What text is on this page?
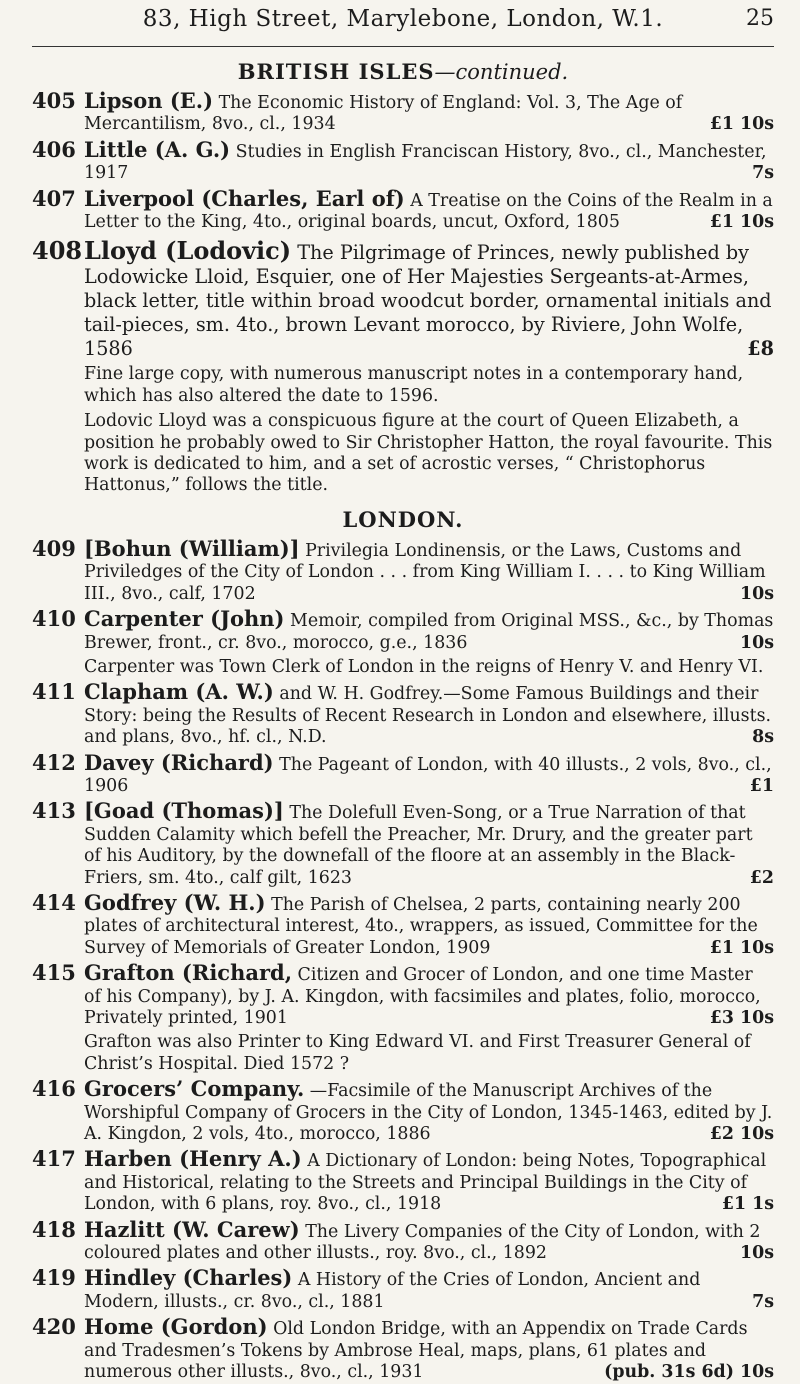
83, High Street, Marylebone, London, W.1.	25
BRITISH ISLES—continued.
405 Lipson (E.) The Economic History of England: Vol. 3, The Age of Mercantilism, 8vo., cl., 1934	£1 10s
406 Little (A. G.) Studies in English Franciscan History, 8vo., cl., Manchester, 1917	7s
407 Liverpool (Charles, Earl of) A Treatise on the Coins of the Realm in a Letter to the King, 4to., original boards, uncut, Oxford, 1805	£1 10s
408 Lloyd (Lodovic) The Pilgrimage of Princes, newly published by Lodowicke Lloid, Esquier, one of Her Majesties Sergeants-at-Armes, black letter, title within broad woodcut border, ornamental initials and tail-pieces, sm. 4to., brown Levant morocco, by Riviere, John Wolfe, 1586	£8
Fine large copy, with numerous manuscript notes in a contemporary hand, which has also altered the date to 1596.
Lodovic Lloyd was a conspicuous figure at the court of Queen Elizabeth, a position he probably owed to Sir Christopher Hatton, the royal favourite. This work is dedicated to him, and a set of acrostic verses, “ Christophorus Hattonus,” follows the title.
LONDON.
409 [Bohun (William)] Privilegia Londinensis, or the Laws, Customs and Priviledges of the City of London . . . from King William I. . . . to King William III., 8vo., calf, 1702	10s
410 Carpenter (John) Memoir, compiled from Original MSS., &c., by Thomas Brewer, front., cr. 8vo., morocco, g.e., 1836	10s
Carpenter was Town Clerk of London in the reigns of Henry V. and Henry VI.
411 Clapham (A. W.) and W. H. Godfrey.—Some Famous Buildings and their Story: being the Results of Recent Research in London and elsewhere, illusts. and plans, 8vo., hf. cl., N.D.	8s
412 Davey (Richard) The Pageant of London, with 40 illusts., 2 vols, 8vo., cl., 1906	£1
413 [Goad (Thomas)] The Dolefull Even-Song, or a True Narration of that Sudden Calamity which befell the Preacher, Mr. Drury, and the greater part of his Auditory, by the downefall of the floore at an assembly in the Black-Friers, sm. 4to., calf gilt, 1623	£2
414 Godfrey (W. H.) The Parish of Chelsea, 2 parts, containing nearly 200 plates of architectural interest, 4to., wrappers, as issued, Committee for the Survey of Memorials of Greater London, 1909	£1 10s
415 Grafton (Richard, Citizen and Grocer of London, and one time Master of his Company), by J. A. Kingdon, with facsimiles and plates, folio, morocco, Privately printed, 1901	£3 10s
Grafton was also Printer to King Edward VI. and First Treasurer General of Christ’s Hospital. Died 1572 ?
416 Grocers’ Company. —Facsimile of the Manuscript Archives of the Worshipful Company of Grocers in the City of London, 1345-1463, edited by J. A. Kingdon, 2 vols, 4to., morocco, 1886	£2 10s
417 Harben (Henry A.) A Dictionary of London: being Notes, Topographical and Historical, relating to the Streets and Principal Buildings in the City of London, with 6 plans, roy. 8vo., cl., 1918	£1 1s
418 Hazlitt (W. Carew) The Livery Companies of the City of London, with 2 coloured plates and other illusts., roy. 8vo., cl., 1892	10s
419 Hindley (Charles) A History of the Cries of London, Ancient and Modern, illusts., cr. 8vo., cl., 1881	7s
420 Home (Gordon) Old London Bridge, with an Appendix on Trade Cards and Tradesmen’s Tokens by Ambrose Heal, maps, plans, 61 plates and numerous other illusts., 8vo., cl., 1931	(pub. 31s 6d) 10s
